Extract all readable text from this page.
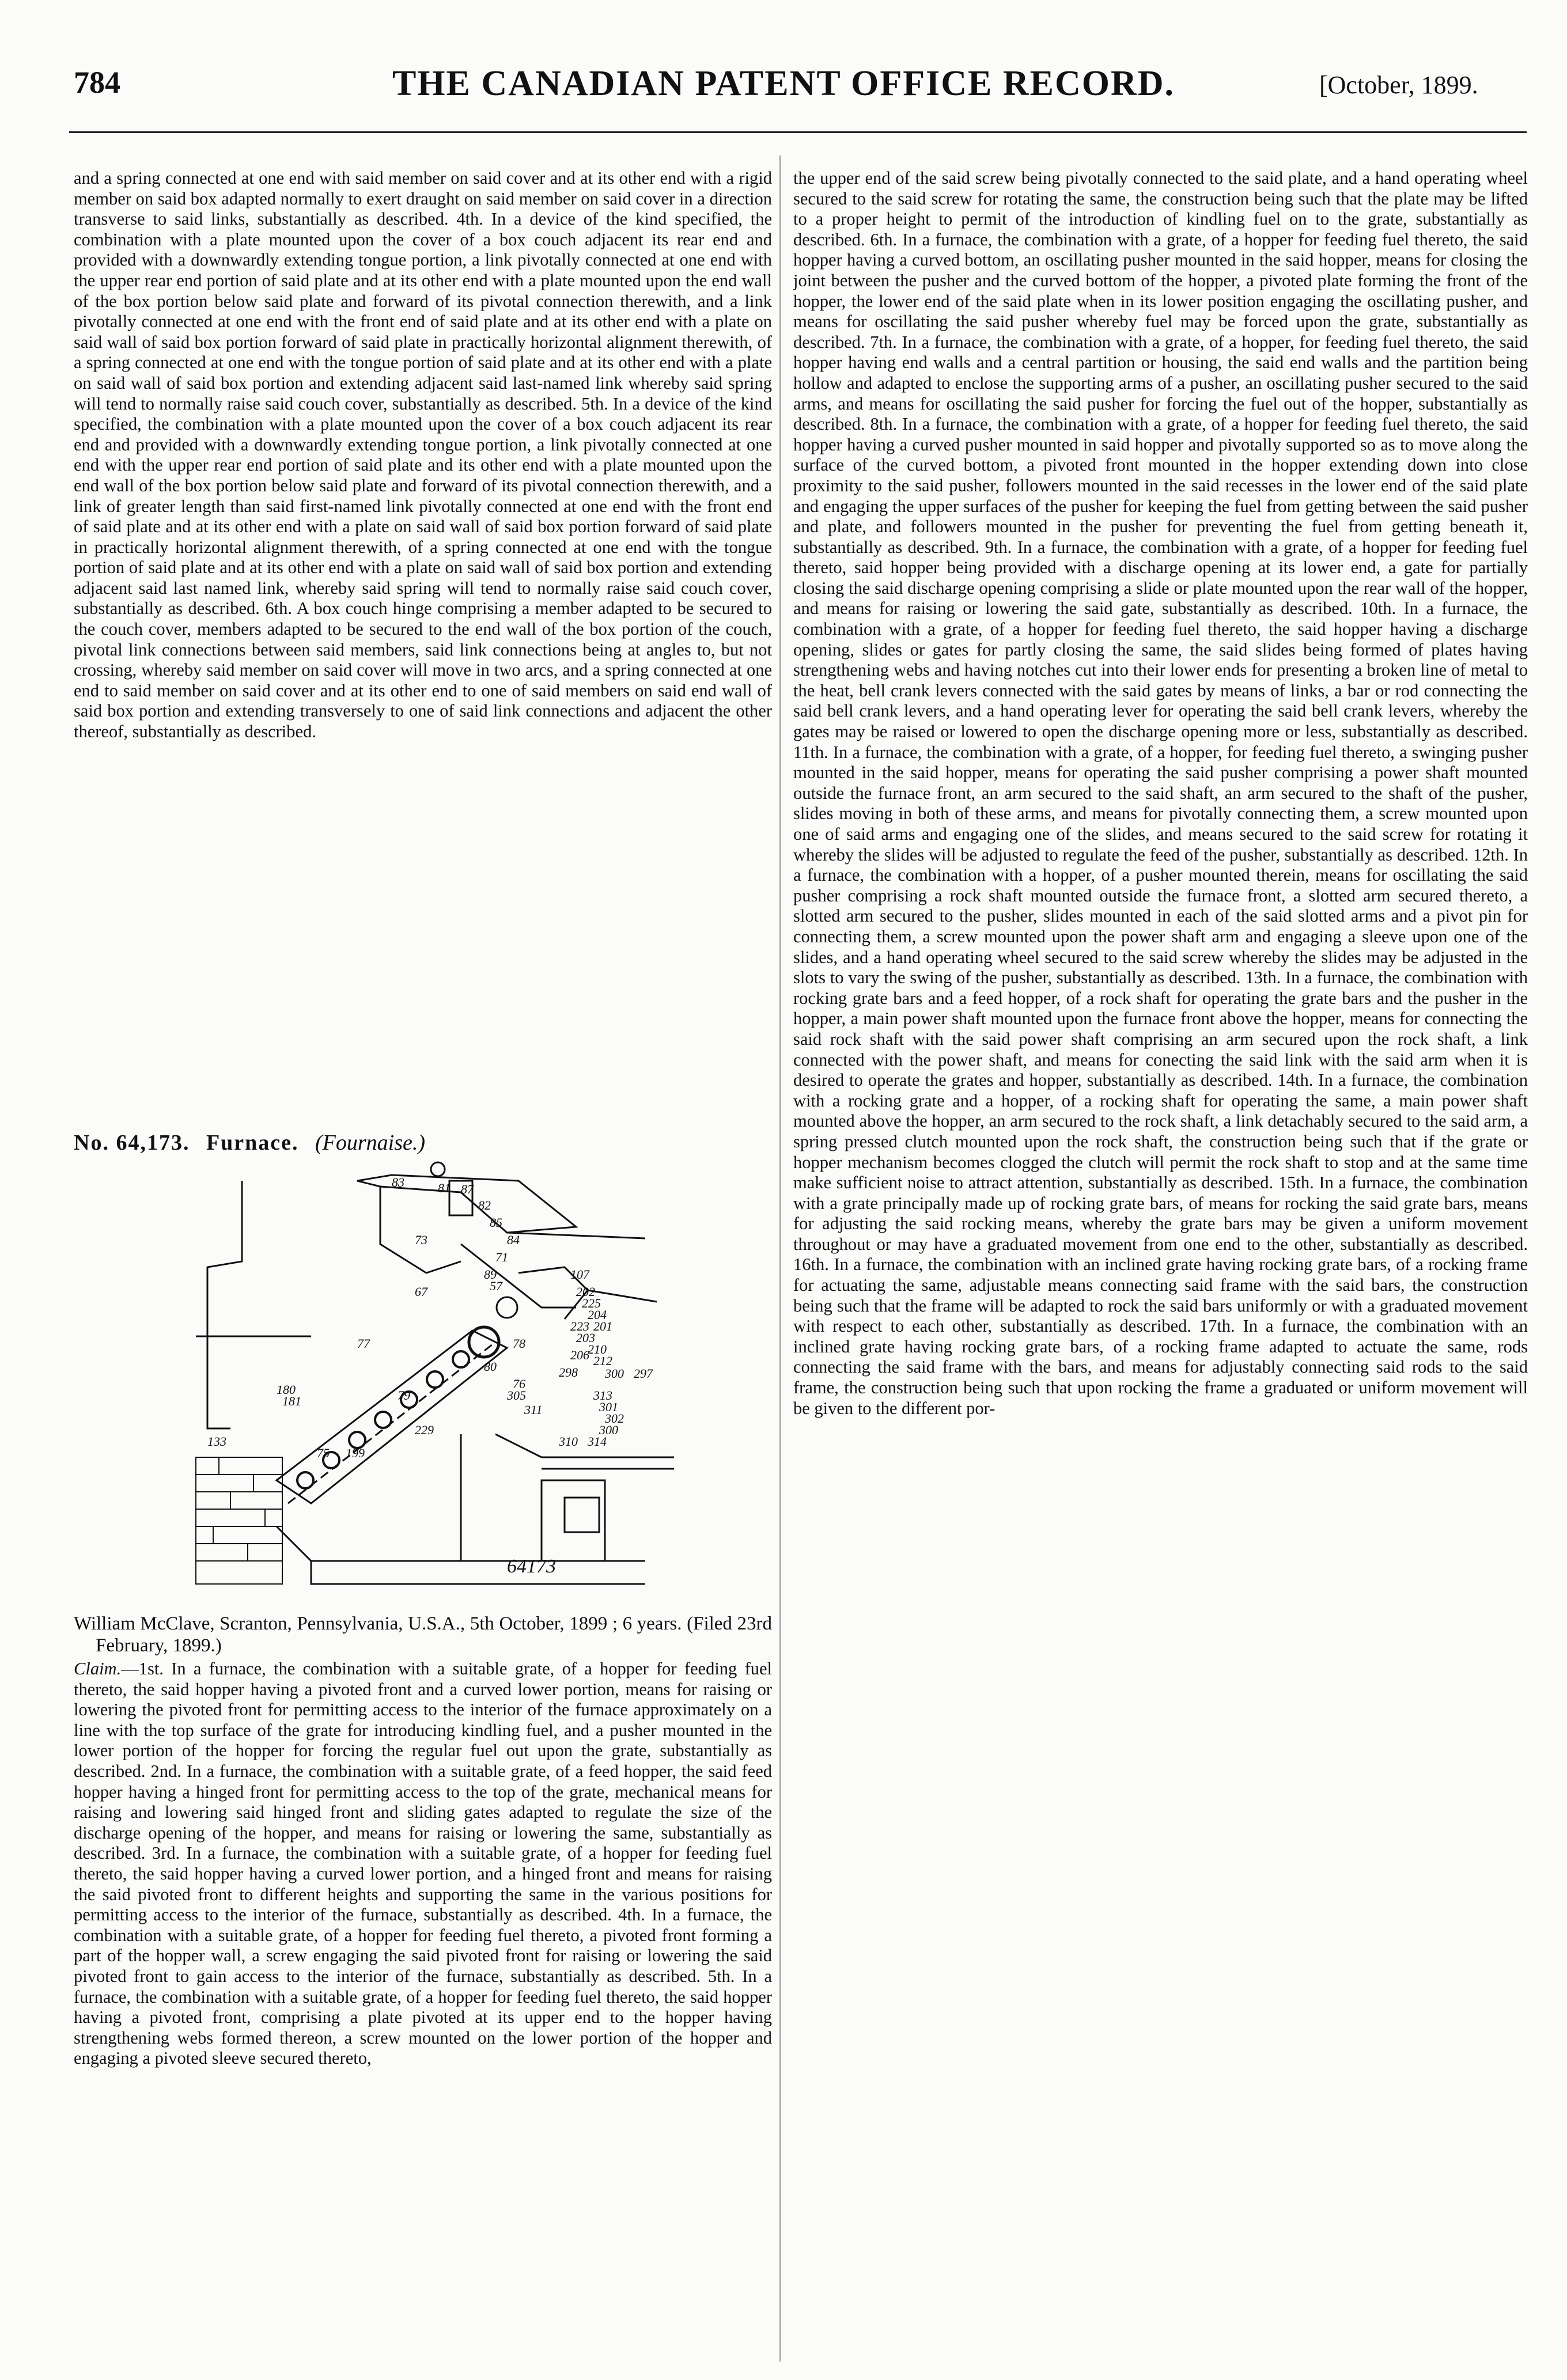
784	THE CANADIAN PATENT OFFICE RECORD.	[October, 1899.

and a spring connected at one end with said member on said cover and at its other end with a rigid member on said box adapted normally to exert draught on said member on said cover in a direction transverse to said links, substantially as described. 4th. In a device of the kind specified, the combination with a plate mounted upon the cover of a box couch adjacent its rear end and provided with a downwardly extending tongue portion, a link pivotally connected at one end with the upper rear end portion of said plate and at its other end with a plate mounted upon the end wall of the box portion below said plate and forward of its pivotal connection therewith, and a link pivotally connected at one end with the front end of said plate and at its other end with a plate on said wall of said box portion forward of said plate in practically horizontal alignment therewith, of a spring connected at one end with the tongue portion of said plate and at its other end with a plate on said wall of said box portion and extending adjacent said last-named link whereby said spring will tend to normally raise said couch cover, substantially as described. 5th. In a device of the kind specified, the combination with a plate mounted upon the cover of a box couch adjacent its rear end and provided with a downwardly extending tongue portion, a link pivotally connected at one end with the upper rear end portion of said plate and its other end with a plate mounted upon the end wall of the box portion below said plate and forward of its pivotal connection therewith, and a link of greater length than said first-named link pivotally connected at one end with the front end of said plate and at its other end with a plate on said wall of said box portion forward of said plate in practically horizontal alignment therewith, of a spring connected at one end with the tongue portion of said plate and at its other end with a plate on said wall of said box portion and extending adjacent said last named link, whereby said spring will tend to normally raise said couch cover, substantially as described. 6th. A box couch hinge comprising a member adapted to be secured to the couch cover, members adapted to be secured to the end wall of the box portion of the couch, pivotal link connections between said members, said link connections being at angles to, but not crossing, whereby said member on said cover will move in two arcs, and a spring connected at one end to said member on said cover and at its other end to one of said members on said end wall of said box portion and extending transversely to one of said link connections and adjacent the other thereof, substantially as described.

No. 64,173. Furnace. (Fournaise.)
81 87
83
82
85
84
73
71
67
89
57
107
202
225
204
223 201
203
210
212
206
298 300 297
80
76
305	313
301
302
300
310 314
78
77
180
181	79
75 199
229
133
311
64173

William McClave, Scranton, Pennsylvania, U.S.A., 5th October, 1899 ; 6 years. (Filed 23rd February, 1899.)

Claim.—1st. In a furnace, the combination with a suitable grate, of a hopper for feeding fuel thereto, the said hopper having a pivoted front and a curved lower portion, means for raising or lowering the pivoted front for permitting access to the interior of the furnace approximately on a line with the top surface of the grate for introducing kindling fuel, and a pusher mounted in the lower portion of the hopper for forcing the regular fuel out upon the grate, substantially as described. 2nd. In a furnace, the combination with a suitable grate, of a feed hopper, the said feed hopper having a hinged front for permitting access to the top of the grate, mechanical means for raising and lowering said hinged front and sliding gates adapted to regulate the size of the discharge opening of the hopper, and means for raising or lowering the same, substantially as described. 3rd. In a furnace, the combination with a suitable grate, of a hopper for feeding fuel thereto, the said hopper having a curved lower portion, and a hinged front and means for raising the said pivoted front to different heights and supporting the same in the various positions for permitting access to the interior of the furnace, substantially as described. 4th. In a furnace, the combination with a suitable grate, of a hopper for feeding fuel thereto, a pivoted front forming a part of the hopper wall, a screw engaging the said pivoted front for raising or lowering the said pivoted front to gain access to the interior of the furnace, substantially as described. 5th. In a furnace, the combination with a suitable grate, of a hopper for feeding fuel thereto, the said hopper having a pivoted front, comprising a plate pivoted at its upper end to the hopper having strengthening webs formed thereon, a screw mounted on the lower portion of the hopper and engaging a pivoted sleeve secured thereto,

the upper end of the said screw being pivotally connected to the said plate, and a hand operating wheel secured to the said screw for rotating the same, the construction being such that the plate may be lifted to a proper height to permit of the introduction of kindling fuel on to the grate, substantially as described. 6th. In a furnace, the combination with a grate, of a hopper for feeding fuel thereto, the said hopper having a curved bottom, an oscillating pusher mounted in the said hopper, means for closing the joint between the pusher and the curved bottom of the hopper, a pivoted plate forming the front of the hopper, the lower end of the said plate when in its lower position engaging the oscillating pusher, and means for oscillating the said pusher whereby fuel may be forced upon the grate, substantially as described. 7th. In a furnace, the combination with a grate, of a hopper, for feeding fuel thereto, the said hopper having end walls and a central partition or housing, the said end walls and the partition being hollow and adapted to enclose the supporting arms of a pusher, an oscillating pusher secured to the said arms, and means for oscillating the said pusher for forcing the fuel out of the hopper, substantially as described. 8th. In a furnace, the combination with a grate, of a hopper for feeding fuel thereto, the said hopper having a curved pusher mounted in said hopper and pivotally supported so as to move along the surface of the curved bottom, a pivoted front mounted in the hopper extending down into close proximity to the said pusher, followers mounted in the said recesses in the lower end of the said plate and engaging the upper surfaces of the pusher for keeping the fuel from getting between the said pusher and plate, and followers mounted in the pusher for preventing the fuel from getting beneath it, substantially as described. 9th. In a furnace, the combination with a grate, of a hopper for feeding fuel thereto, said hopper being provided with a discharge opening at its lower end, a gate for partially closing the said discharge opening comprising a slide or plate mounted upon the rear wall of the hopper, and means for raising or lowering the said gate, substantially as described. 10th. In a furnace, the combination with a grate, of a hopper for feeding fuel thereto, the said hopper having a discharge opening, slides or gates for partly closing the same, the said slides being formed of plates having strengthening webs and having notches cut into their lower ends for presenting a broken line of metal to the heat, bell crank levers connected with the said gates by means of links, a bar or rod connecting the said bell crank levers, and a hand operating lever for operating the said bell crank levers, whereby the gates may be raised or lowered to open the discharge opening more or less, substantially as described. 11th. In a furnace, the combination with a grate, of a hopper, for feeding fuel thereto, a swinging pusher mounted in the said hopper, means for operating the said pusher comprising a power shaft mounted outside the furnace front, an arm secured to the said shaft, an arm secured to the shaft of the pusher, slides moving in both of these arms, and means for pivotally connecting them, a screw mounted upon one of said arms and engaging one of the slides, and means secured to the said screw for rotating it whereby the slides will be adjusted to regulate the feed of the pusher, substantially as described. 12th. In a furnace, the combination with a hopper, of a pusher mounted therein, means for oscillating the said pusher comprising a rock shaft mounted outside the furnace front, a slotted arm secured thereto, a slotted arm secured to the pusher, slides mounted in each of the said slotted arms and a pivot pin for connecting them, a screw mounted upon the power shaft arm and engaging a sleeve upon one of the slides, and a hand operating wheel secured to the said screw whereby the slides may be adjusted in the slots to vary the swing of the pusher, substantially as described. 13th. In a furnace, the combination with rocking grate bars and a feed hopper, of a rock shaft for operating the grate bars and the pusher in the hopper, a main power shaft mounted upon the furnace front above the hopper, means for connecting the said rock shaft with the said power shaft comprising an arm secured upon the rock shaft, a link connected with the power shaft, and means for conecting the said link with the said arm when it is desired to operate the grates and hopper, substantially as described. 14th. In a furnace, the combination with a rocking grate and a hopper, of a rocking shaft for operating the same, a main power shaft mounted above the hopper, an arm secured to the rock shaft, a link detachably secured to the said arm, a spring pressed clutch mounted upon the rock shaft, the construction being such that if the grate or hopper mechanism becomes clogged the clutch will permit the rock shaft to stop and at the same time make sufficient noise to attract attention, substantially as described. 15th. In a furnace, the combination with a grate principally made up of rocking grate bars, of means for rocking the said grate bars, means for adjusting the said rocking means, whereby the grate bars may be given a uniform movement throughout or may have a graduated movement from one end to the other, substantially as described. 16th. In a furnace, the combination with an inclined grate having rocking grate bars, of a rocking frame for actuating the same, adjustable means connecting said frame with the said bars, the construction being such that the frame will be adapted to rock the said bars uniformly or with a graduated movement with respect to each other, substantially as described. 17th. In a furnace, the combination with an inclined grate having rocking grate bars, of a rocking frame adapted to actuate the same, rods connecting the said frame with the bars, and means for adjustably connecting said rods to the said frame, the construction being such that upon rocking the frame a graduated or uniform movement will be given to the different por-
